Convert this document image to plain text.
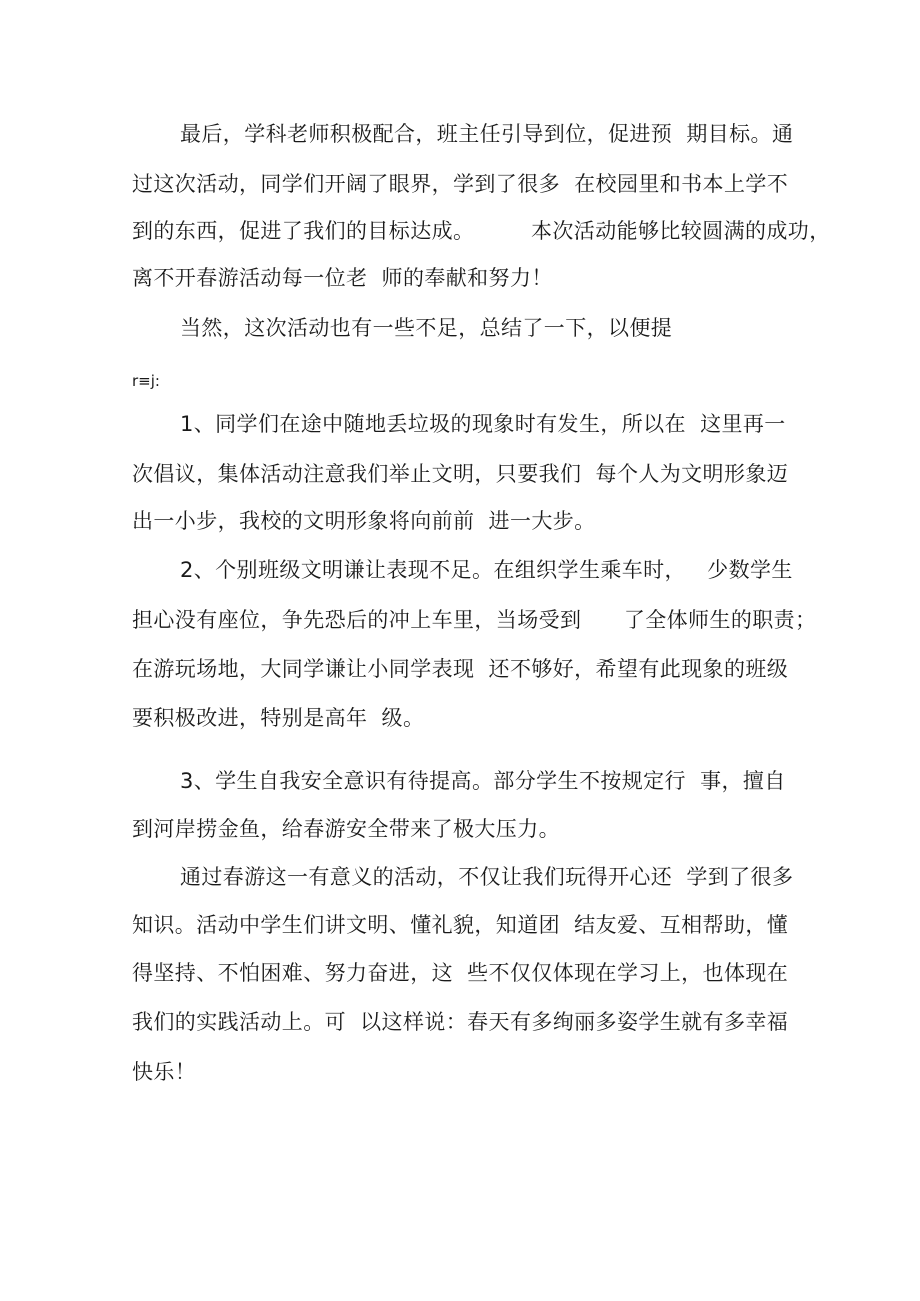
最后，学科老师积极配合，班主任引导到位，促进预  期目标。通
过这次活动，同学们开阔了眼界，学到了很多  在校园里和书本上学不
到的东西，促进了我们的目标达成。        本次活动能够比较圆满的成功，
离不开春游活动每一位老  师的奉献和努力！
当然，这次活动也有一些不足，总结了一下，以便提
r≡j:
1、同学们在途中随地丢垃圾的现象时有发生，所以在  这里再一
次倡议，集体活动注意我们举止文明，只要我们  每个人为文明形象迈
出一小步，我校的文明形象将向前前  进一大步。
2、个别班级文明谦让表现不足。在组织学生乘车时，   少数学生
担心没有座位，争先恐后的冲上车里，当场受到      了全体师生的职责；
在游玩场地，大同学谦让小同学表现  还不够好，希望有此现象的班级
要积极改进，特别是高年  级。
3、学生自我安全意识有待提高。部分学生不按规定行  事，擅自
到河岸捞金鱼，给春游安全带来了极大压力。
通过春游这一有意义的活动，不仅让我们玩得开心还  学到了很多
知识。活动中学生们讲文明、懂礼貌，知道团  结友爱、互相帮助，懂
得坚持、不怕困难、努力奋进，这  些不仅仅体现在学习上，也体现在
我们的实践活动上。可  以这样说：春天有多绚丽多姿学生就有多幸福
快乐！
